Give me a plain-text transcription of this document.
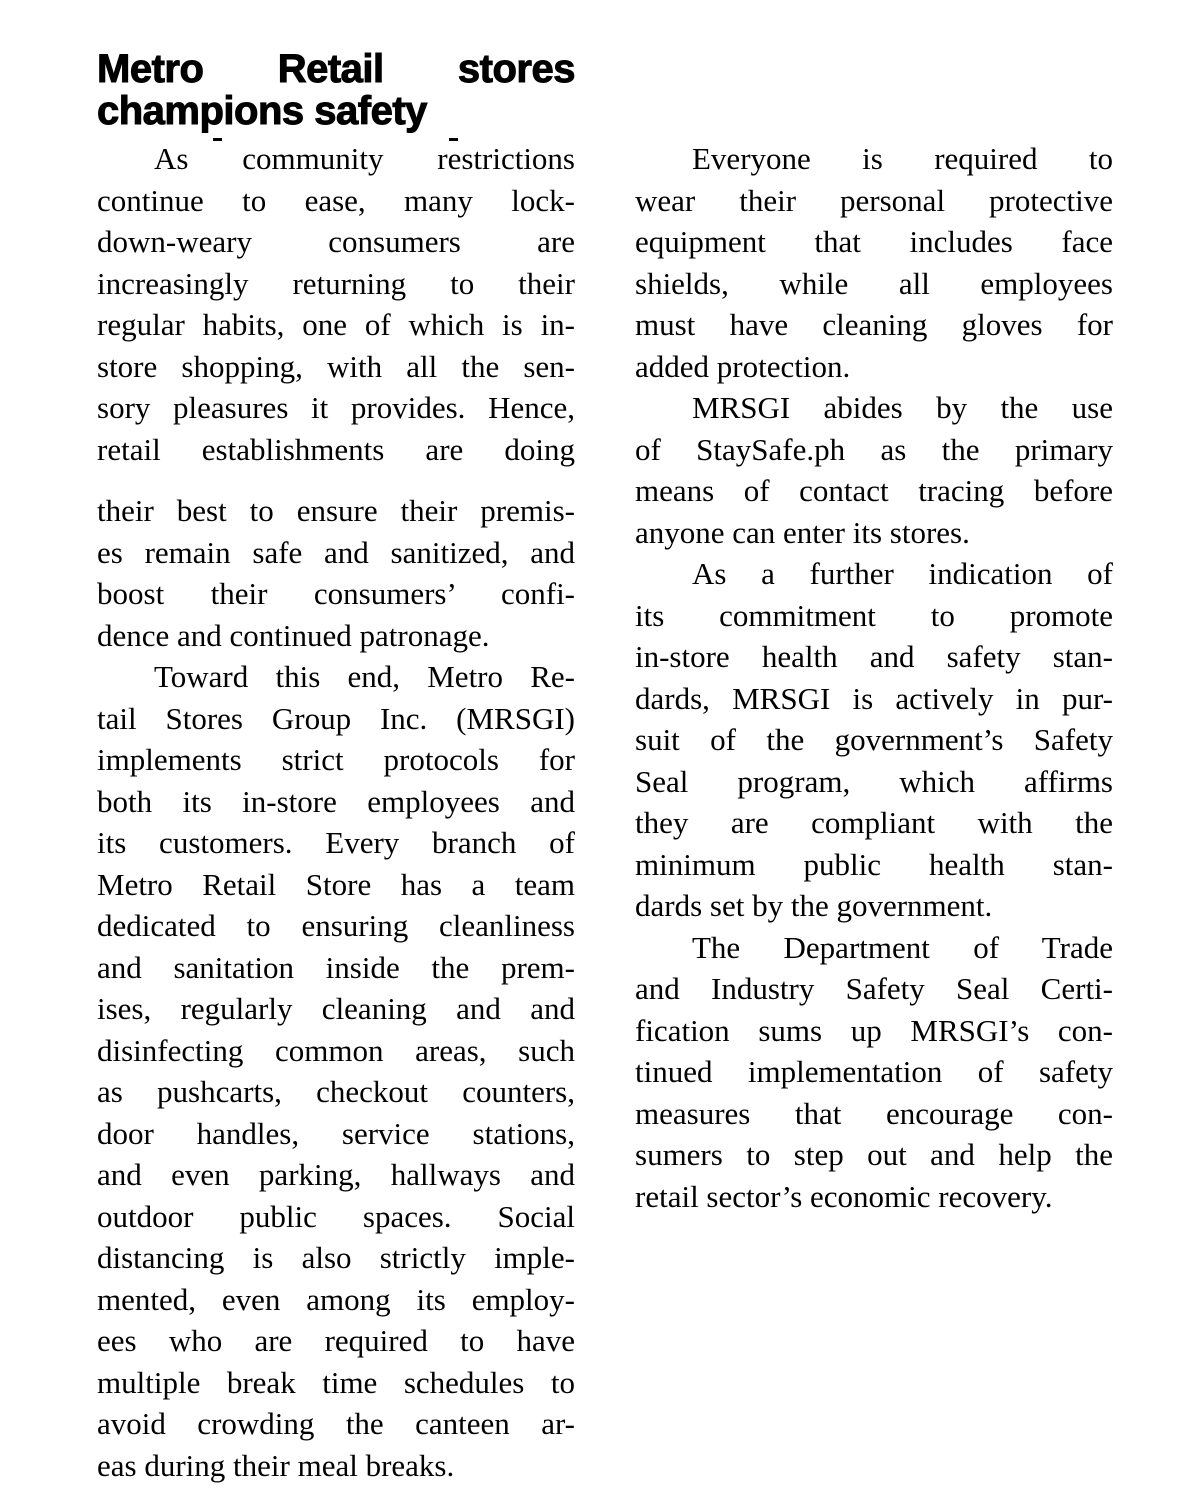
Metro Retail stores
champions safety
As community restrictions
continue to ease, many lock-
down-weary consumers are
increasingly returning to their
regular habits, one of which is in-
store shopping, with all the sen-
sory pleasures it provides. Hence,
retail establishments are doing
their best to ensure their premis-
es remain safe and sanitized, and
boost their consumers’ confi-
dence and continued patronage.
Toward this end, Metro Re-
tail Stores Group Inc. (MRSGI)
implements strict protocols for
both its in-store employees and
its customers. Every branch of
Metro Retail Store has a team
dedicated to ensuring cleanliness
and sanitation inside the prem-
ises, regularly cleaning and and
disinfecting common areas, such
as pushcarts, checkout counters,
door handles, service stations,
and even parking, hallways and
outdoor public spaces. Social
distancing is also strictly imple-
mented, even among its employ-
ees who are required to have
multiple break time schedules to
avoid crowding the canteen ar-
eas during their meal breaks.
Everyone is required to
wear their personal protective
equipment that includes face
shields, while all employees
must have cleaning gloves for
added protection.
MRSGI abides by the use
of StaySafe.ph as the primary
means of contact tracing before
anyone can enter its stores.
As a further indication of
its commitment to promote
in-store health and safety stan-
dards, MRSGI is actively in pur-
suit of the government’s Safety
Seal program, which affirms
they are compliant with the
minimum public health stan-
dards set by the government.
The Department of Trade
and Industry Safety Seal Certi-
fication sums up MRSGI’s con-
tinued implementation of safety
measures that encourage con-
sumers to step out and help the
retail sector’s economic recovery.
